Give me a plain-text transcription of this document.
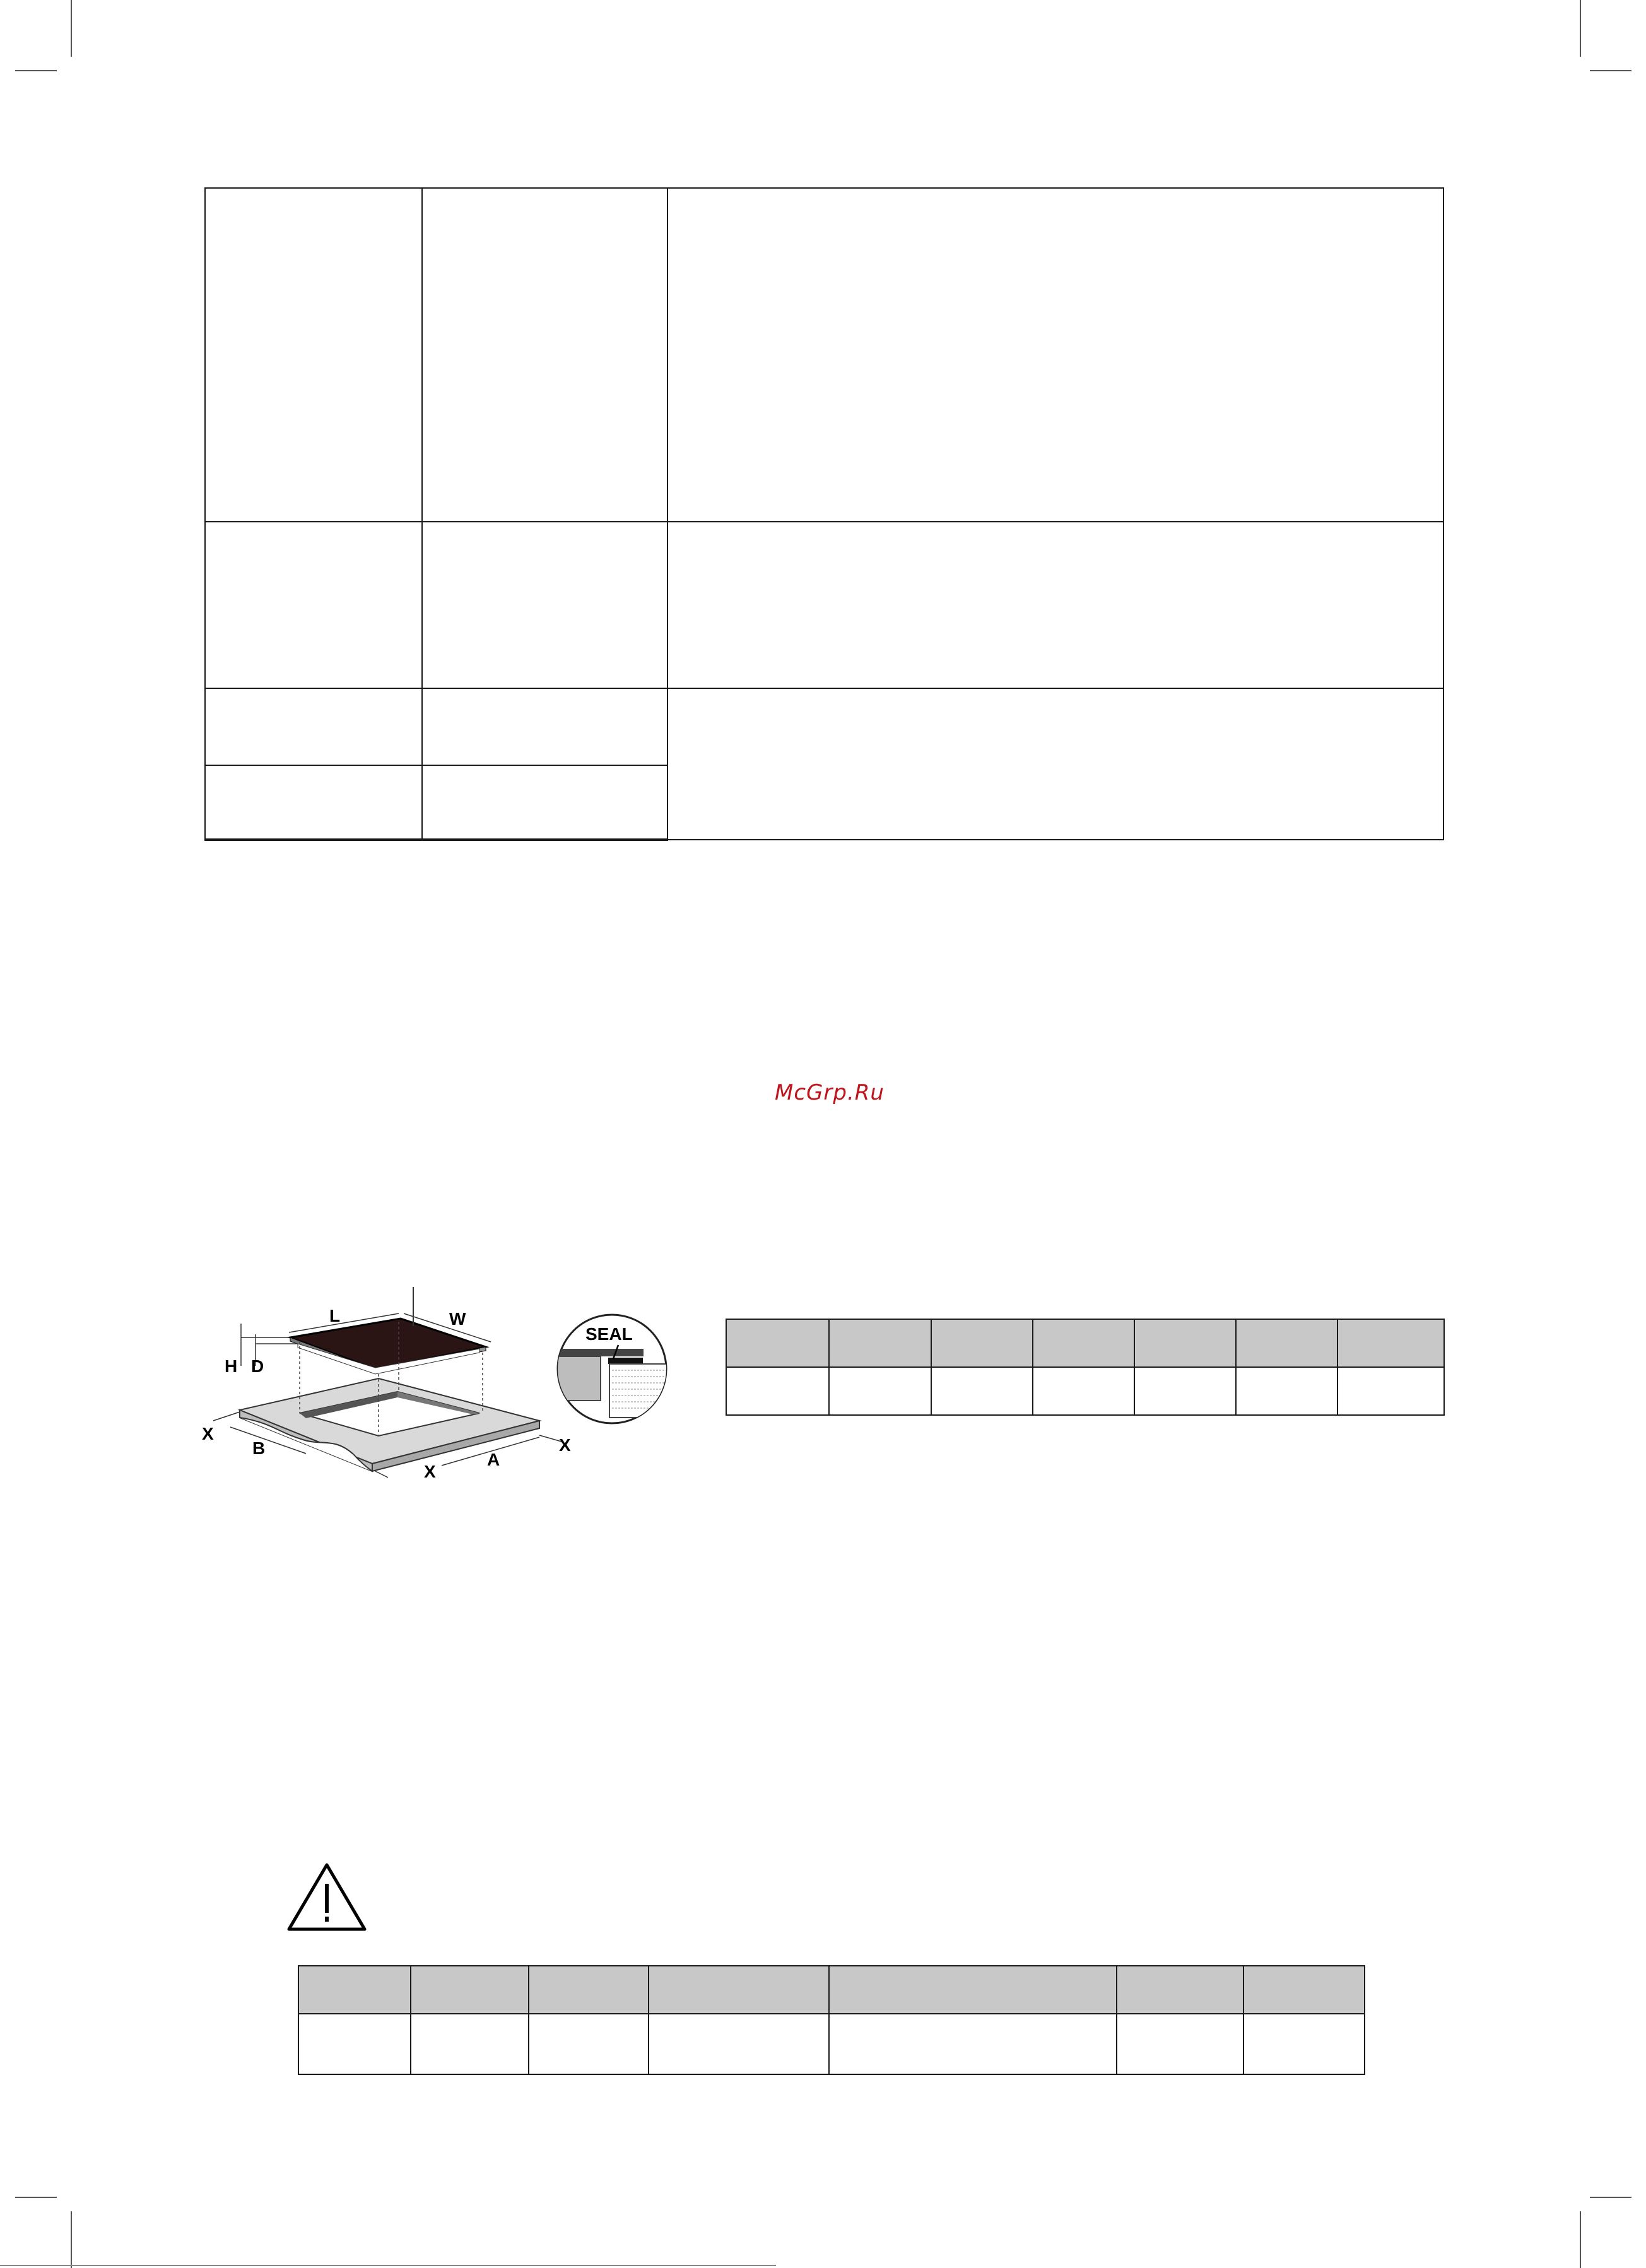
McGrp.Ru
L	W
H D
X
B
X
A
X
SEAL
